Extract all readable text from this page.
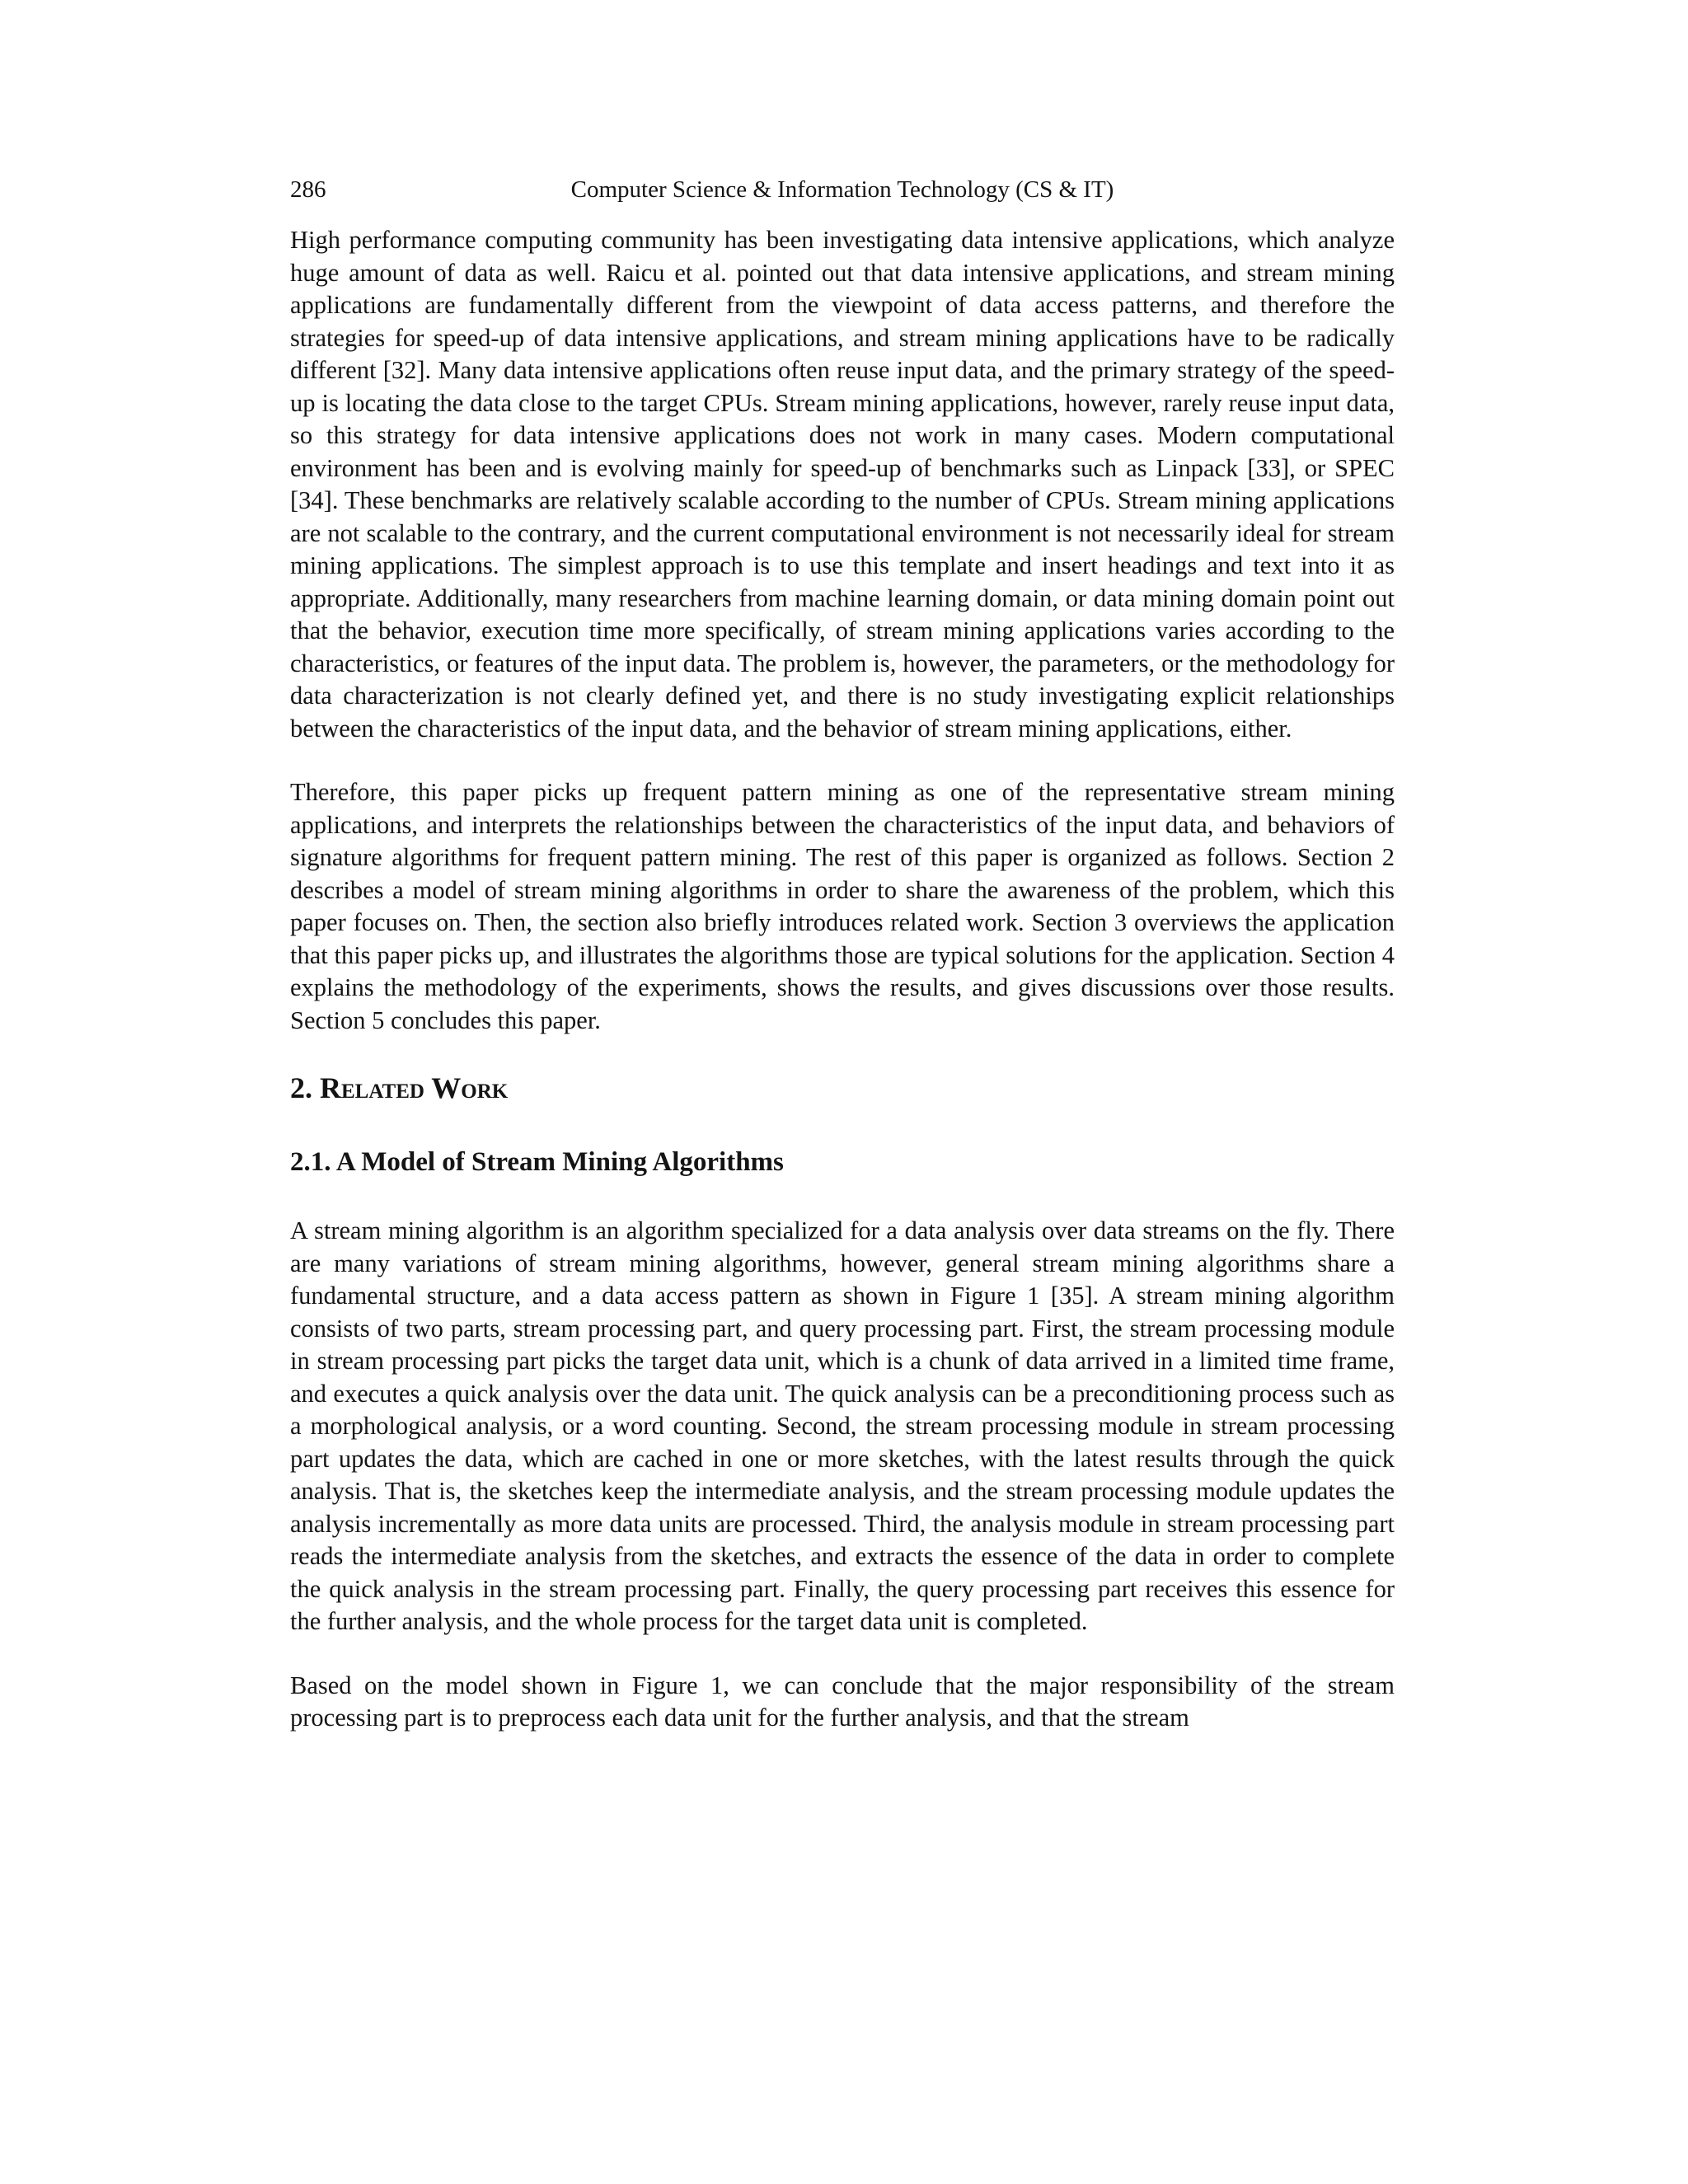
286	Computer Science & Information Technology (CS & IT)

High performance computing community has been investigating data intensive applications, which analyze huge amount of data as well. Raicu et al. pointed out that data intensive applications, and stream mining applications are fundamentally different from the viewpoint of data access patterns, and therefore the strategies for speed-up of data intensive applications, and stream mining applications have to be radically different [32]. Many data intensive applications often reuse input data, and the primary strategy of the speed-up is locating the data close to the target CPUs. Stream mining applications, however, rarely reuse input data, so this strategy for data intensive applications does not work in many cases. Modern computational environment has been and is evolving mainly for speed-up of benchmarks such as Linpack [33], or SPEC [34]. These benchmarks are relatively scalable according to the number of CPUs. Stream mining applications are not scalable to the contrary, and the current computational environment is not necessarily ideal for stream mining applications. The simplest approach is to use this template and insert headings and text into it as appropriate. Additionally, many researchers from machine learning domain, or data mining domain point out that the behavior, execution time more specifically, of stream mining applications varies according to the characteristics, or features of the input data. The problem is, however, the parameters, or the methodology for data characterization is not clearly defined yet, and there is no study investigating explicit relationships between the characteristics of the input data, and the behavior of stream mining applications, either.

Therefore, this paper picks up frequent pattern mining as one of the representative stream mining applications, and interprets the relationships between the characteristics of the input data, and behaviors of signature algorithms for frequent pattern mining. The rest of this paper is organized as follows. Section 2 describes a model of stream mining algorithms in order to share the awareness of the problem, which this paper focuses on. Then, the section also briefly introduces related work. Section 3 overviews the application that this paper picks up, and illustrates the algorithms those are typical solutions for the application. Section 4 explains the methodology of the experiments, shows the results, and gives discussions over those results. Section 5 concludes this paper.

2. Related Work
2.1. A Model of Stream Mining Algorithms

A stream mining algorithm is an algorithm specialized for a data analysis over data streams on the fly. There are many variations of stream mining algorithms, however, general stream mining algorithms share a fundamental structure, and a data access pattern as shown in Figure 1 [35]. A stream mining algorithm consists of two parts, stream processing part, and query processing part. First, the stream processing module in stream processing part picks the target data unit, which is a chunk of data arrived in a limited time frame, and executes a quick analysis over the data unit. The quick analysis can be a preconditioning process such as a morphological analysis, or a word counting. Second, the stream processing module in stream processing part updates the data, which are cached in one or more sketches, with the latest results through the quick analysis. That is, the sketches keep the intermediate analysis, and the stream processing module updates the analysis incrementally as more data units are processed. Third, the analysis module in stream processing part reads the intermediate analysis from the sketches, and extracts the essence of the data in order to complete the quick analysis in the stream processing part. Finally, the query processing part receives this essence for the further analysis, and the whole process for the target data unit is completed.

Based on the model shown in Figure 1, we can conclude that the major responsibility of the stream processing part is to preprocess each data unit for the further analysis, and that the stream
